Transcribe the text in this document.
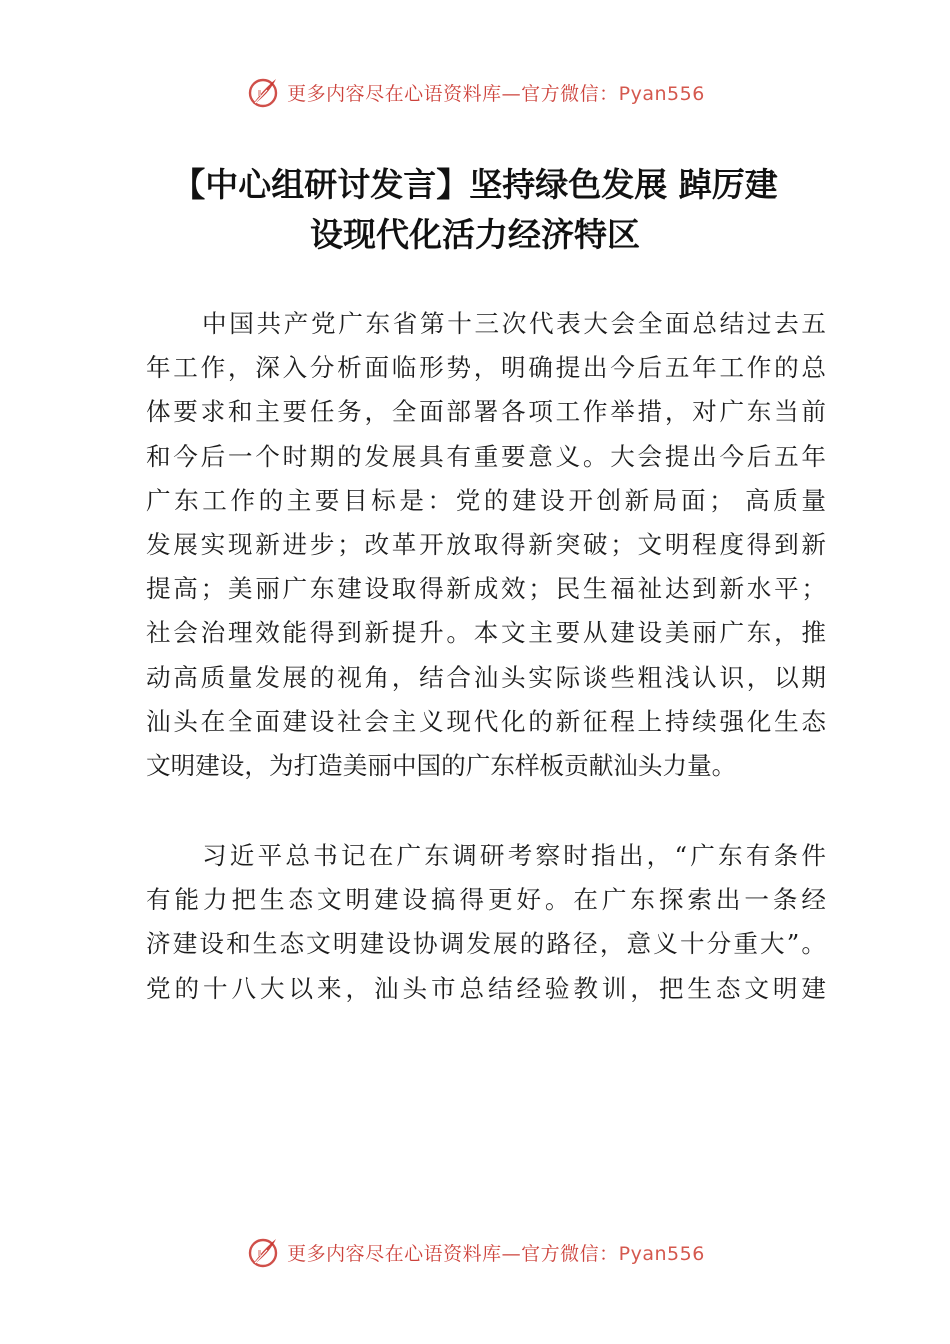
更多内容尽在心语资料库—官方微信：Pyan556
【中心组研讨发言】坚持绿色发展 踔厉建
设现代化活力经济特区
中国共产党广东省第十三次代表大会全面总结过去五
年工作，深入分析面临形势，明确提出今后五年工作的总
体要求和主要任务，全面部署各项工作举措，对广东当前
和今后一个时期的发展具有重要意义。大会提出今后五年
广东工作的主要目标是：党的建设开创新局面； 高质量
发展实现新进步；改革开放取得新突破；文明程度得到新
提高；美丽广东建设取得新成效；民生福祉达到新水平；
社会治理效能得到新提升。本文主要从建设美丽广东，推
动高质量发展的视角，结合汕头实际谈些粗浅认识，以期
汕头在全面建设社会主义现代化的新征程上持续强化生态
文明建设，为打造美丽中国的广东样板贡献汕头力量。
习近平总书记在广东调研考察时指出，“广东有条件
有能力把生态文明建设搞得更好。在广东探索出一条经
济建设和生态文明建设协调发展的路径，意义十分重大”。
党的十八大以来，汕头市总结经验教训，把生态文明建
更多内容尽在心语资料库—官方微信：Pyan556
